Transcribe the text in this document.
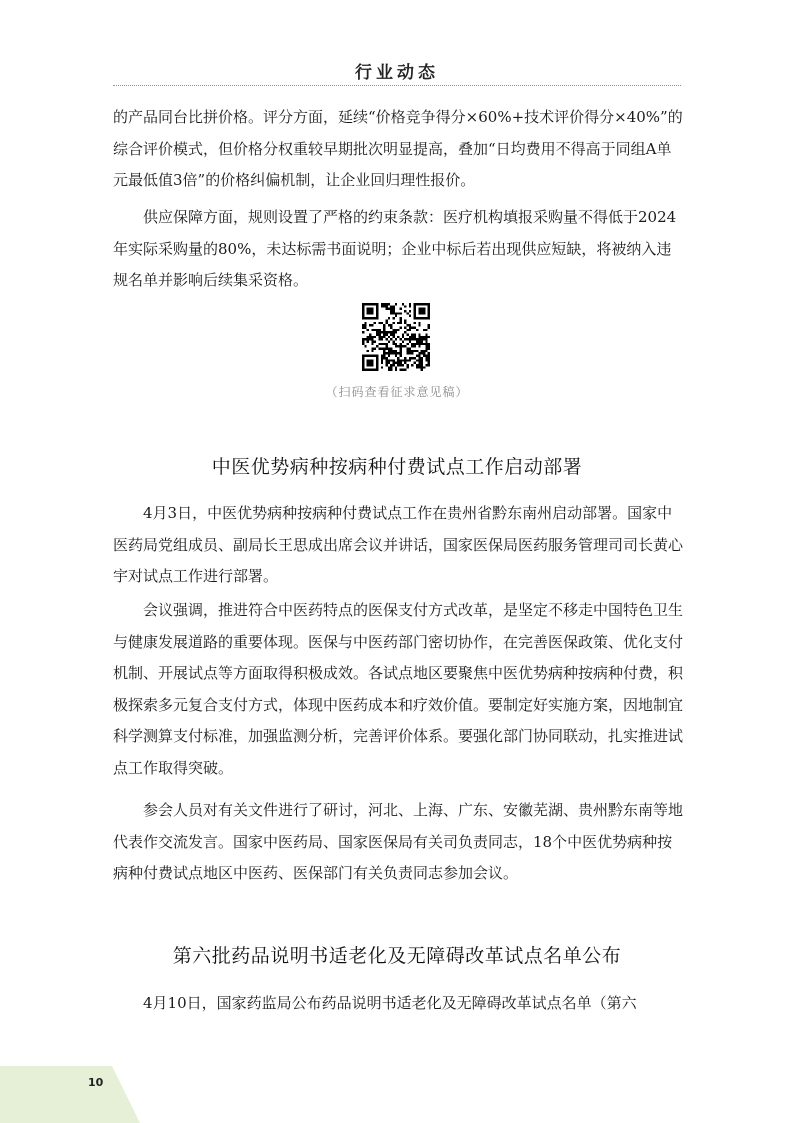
行业动态

的产品同台比拼价格。评分方面，延续“价格竞争得分×60%+技术评价得分×40%”的综合评价模式，但价格分权重较早期批次明显提高，叠加“日均费用不得高于同组A单元最低值3倍”的价格纠偏机制，让企业回归理性报价。

供应保障方面，规则设置了严格的约束条款：医疗机构填报采购量不得低于2024年实际采购量的80%，未达标需书面说明；企业中标后若出现供应短缺，将被纳入违规名单并影响后续集采资格。

（扫码查看征求意见稿）
中医优势病种按病种付费试点工作启动部署

4月3日，中医优势病种按病种付费试点工作在贵州省黔东南州启动部署。国家中医药局党组成员、副局长王思成出席会议并讲话，国家医保局医药服务管理司司长黄心宇对试点工作进行部署。

会议强调，推进符合中医药特点的医保支付方式改革，是坚定不移走中国特色卫生与健康发展道路的重要体现。医保与中医药部门密切协作，在完善医保政策、优化支付机制、开展试点等方面取得积极成效。各试点地区要聚焦中医优势病种按病种付费，积极探索多元复合支付方式，体现中医药成本和疗效价值。要制定好实施方案，因地制宜科学测算支付标准，加强监测分析，完善评价体系。要强化部门协同联动，扎实推进试点工作取得突破。

参会人员对有关文件进行了研讨，河北、上海、广东、安徽芜湖、贵州黔东南等地代表作交流发言。国家中医药局、国家医保局有关司负责同志，18个中医优势病种按病种付费试点地区中医药、医保部门有关负责同志参加会议。

第六批药品说明书适老化及无障碍改革试点名单公布

4月10日，国家药监局公布药品说明书适老化及无障碍改革试点名单（第六

10
